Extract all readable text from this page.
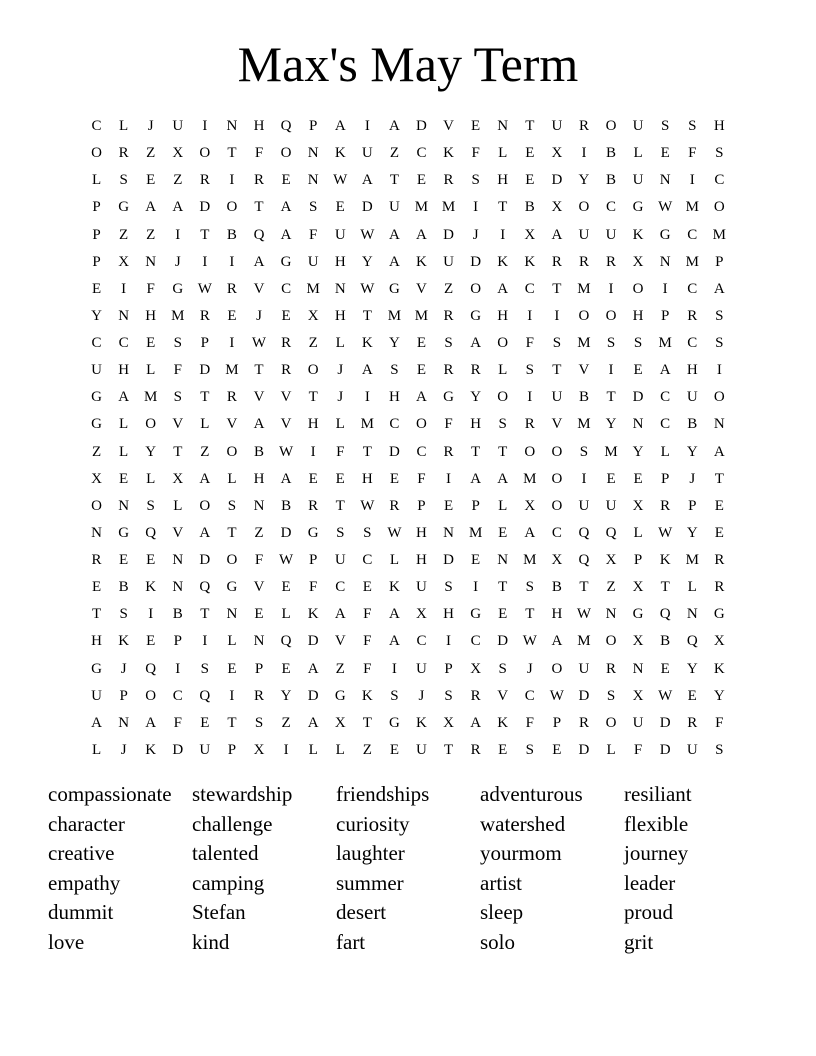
Max's May Term
C	L	J	U	I	N	H	Q	P	A	I	A	D	V	E	N	T	U	R	O	U	S	S	H
O	R	Z	X	O	T	F	O	N	K	U	Z	C	K	F	L	E	X	I	B	L	E	F	S
L	S	E	Z	R	I	R	E	N W A	T	E	R	S	H	E	D	Y	B	U	N	I	C
P	G	A	A	D	O	T	A	S	E	D	U M M	I	T	B	X	O	C	G W M O
P	Z	Z	I	T	B	Q	A	F	U W A	A	D	J	I	X	A	U	U	K	G	C	M
P	X	N	J	I	I	A	G	U	H	Y	A	K	U	D	K	K	R	R	R	X	N M	P
E	I	F	G W R	V	C	M N W G	V	Z	O	A	C	T	M	I	O	I	C	A
Y	N	H M	R	E	J	E	X	H	T	M M	R	G	H	I	I	O	O	H	P	R	S
C	C	E	S	P	I	W R	Z	L	K	Y	E	S	A	O	F	S	M	S	S	M	C	S
U	H	L	F	D M	T	R	O	J	A	S	E	R	R	L	S	T	V	I	E	A	H	I
G	A M	S	T	R	V	V	T	J	I	H	A	G	Y	O	I	U	B	T	D	C	U	O
G	L	O	V	L	V	A	V	H	L	M	C	O	F	H	S	R	V M Y	N	C	B	N
Z	L	Y	T	Z	O	B W	I	F	T	D	C	R	T	T	O	O	S	M Y	L	Y	A
X	E	L	X	A	L	H	A	E	E	H	E	F	I	A	A M O	I	E	E	P	J	T
O	N	S	L	O	S	N	B	R	T	W R	P	E	P	L	X	O	U	U	X	R	P	E
N	G	Q	V	A	T	Z	D	G	S	S	W H	N M	E	A	C	Q	Q	L	W Y	E
R	E	E	N	D	O	F	W	P	U	C	L	H	D	E	N M X	Q	X	P	K M	R
E	B	K	N	Q	G	V	E	F	C	E	K	U	S	I	T	S	B	T	Z	X	T	L	R
T	S	I	B	T	N	E	L	K	A	F	A	X	H	G	E	T	H W N	G	Q	N	G
H	K	E	P	I	L	N	Q	D	V	F	A	C	I	C	D W A M O	X	B	Q	X
G	J	Q	I	S	E	P	E	A	Z	F	I	U	P	X	S	J	O	U	R	N	E	Y	K
U	P	O	C	Q	I	R	Y	D	G	K	S	J	S	R	V	C W D	S	X W	E	Y
A	N	A	F	E	T	S	Z	A	X	T	G	K	X	A	K	F	P	R	O	U	D	R	F
L	J	K	D	U	P	X	I	L	L	Z	E	U	T	R	E	S	E	D	L	F	D	U	S
compassionate stewardship	friendships	adventurous	resiliant
character	challenge	curiosity	watershed	flexible
creative	talented	laughter	yourmom	journey
empathy	camping	summer	artist	leader
dummit	Stefan	desert	sleep	proud
love	kind	fart	solo	grit
